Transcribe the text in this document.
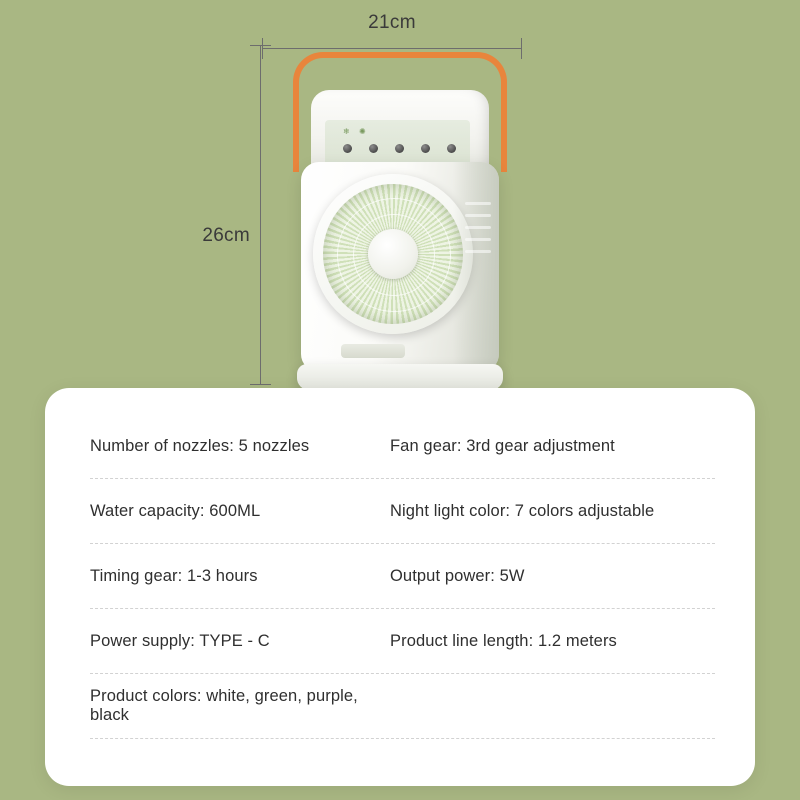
21cm
26cm
❄ ✺
Number of nozzles: 5 nozzles	Fan gear: 3rd gear adjustment
Water capacity: 600ML	Night light color: 7 colors adjustable
Timing gear: 1-3 hours	Output power: 5W
Power supply: TYPE - C	Product line length: 1.2 meters
Product colors: white, green, purple, black
